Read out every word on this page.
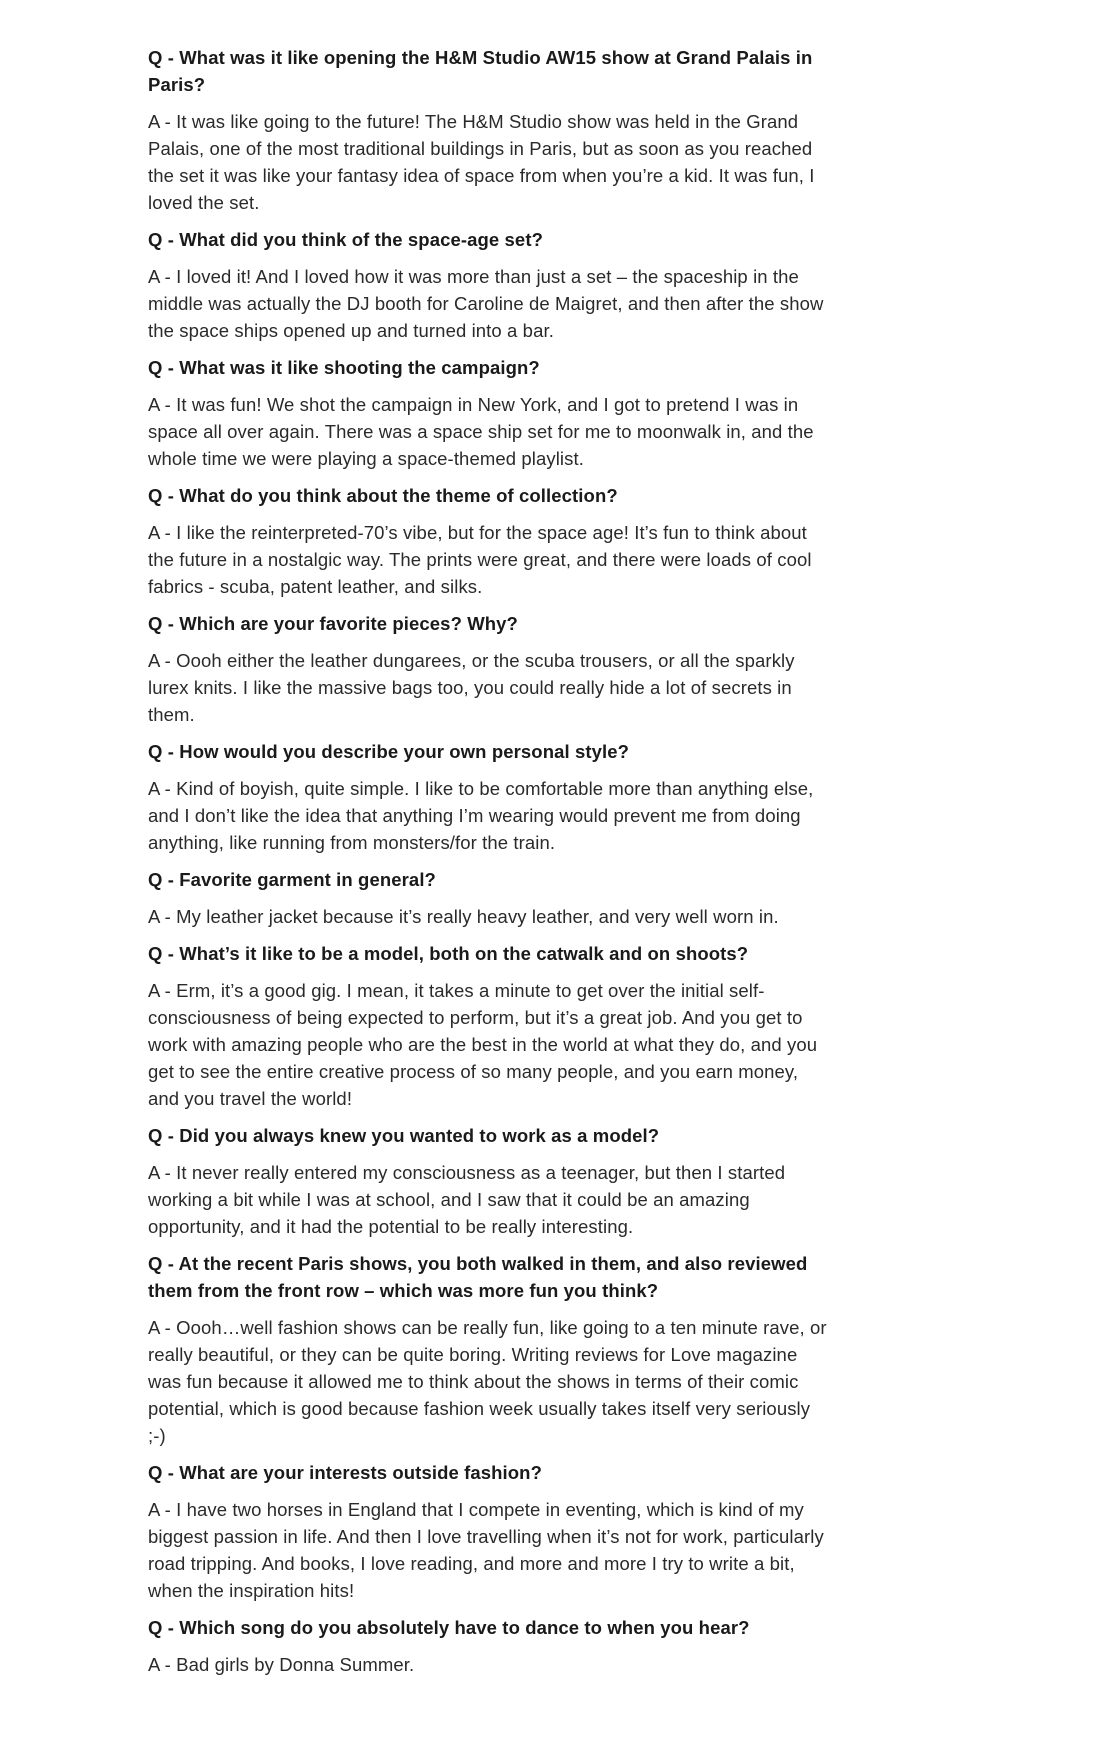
Q - What was it like opening the H&M Studio AW15 show at Grand Palais in Paris?

A - It was like going to the future! The H&M Studio show was held in the Grand Palais, one of the most traditional buildings in Paris, but as soon as you reached the set it was like your fantasy idea of space from when you’re a kid. It was fun, I loved the set.

Q - What did you think of the space-age set?

A - I loved it! And I loved how it was more than just a set – the spaceship in the middle was actually the DJ booth for Caroline de Maigret, and then after the show the space ships opened up and turned into a bar.

Q - What was it like shooting the campaign?

A - It was fun! We shot the campaign in New York, and I got to pretend I was in space all over again. There was a space ship set for me to moonwalk in, and the whole time we were playing a space-themed playlist.

Q - What do you think about the theme of collection?

A - I like the reinterpreted-70’s vibe, but for the space age! It’s fun to think about the future in a nostalgic way. The prints were great, and there were loads of cool fabrics - scuba, patent leather, and silks.

Q - Which are your favorite pieces? Why?

A - Oooh either the leather dungarees, or the scuba trousers, or all the sparkly lurex knits. I like the massive bags too, you could really hide a lot of secrets in them.

Q - How would you describe your own personal style?

A - Kind of boyish, quite simple. I like to be comfortable more than anything else, and I don’t like the idea that anything I’m wearing would prevent me from doing anything, like running from monsters/for the train.

Q - Favorite garment in general?

A - My leather jacket because it’s really heavy leather, and very well worn in.

Q - What’s it like to be a model, both on the catwalk and on shoots?

A - Erm, it’s a good gig. I mean, it takes a minute to get over the initial self-consciousness of being expected to perform, but it’s a great job. And you get to work with amazing people who are the best in the world at what they do, and you get to see the entire creative process of so many people, and you earn money, and you travel the world!

Q - Did you always knew you wanted to work as a model?

A - It never really entered my consciousness as a teenager, but then I started working a bit while I was at school, and I saw that it could be an amazing opportunity, and it had the potential to be really interesting.

Q - At the recent Paris shows, you both walked in them, and also reviewed them from the front row – which was more fun you think?

A - Oooh…well fashion shows can be really fun, like going to a ten minute rave, or really beautiful, or they can be quite boring. Writing reviews for Love magazine was fun because it allowed me to think about the shows in terms of their comic potential, which is good because fashion week usually takes itself very seriously ;-)

Q - What are your interests outside fashion?

A - I have two horses in England that I compete in eventing, which is kind of my biggest passion in life. And then I love travelling when it’s not for work, particularly road tripping. And books, I love reading, and more and more I try to write a bit, when the inspiration hits!

Q - Which song do you absolutely have to dance to when you hear?

A - Bad girls by Donna Summer.
